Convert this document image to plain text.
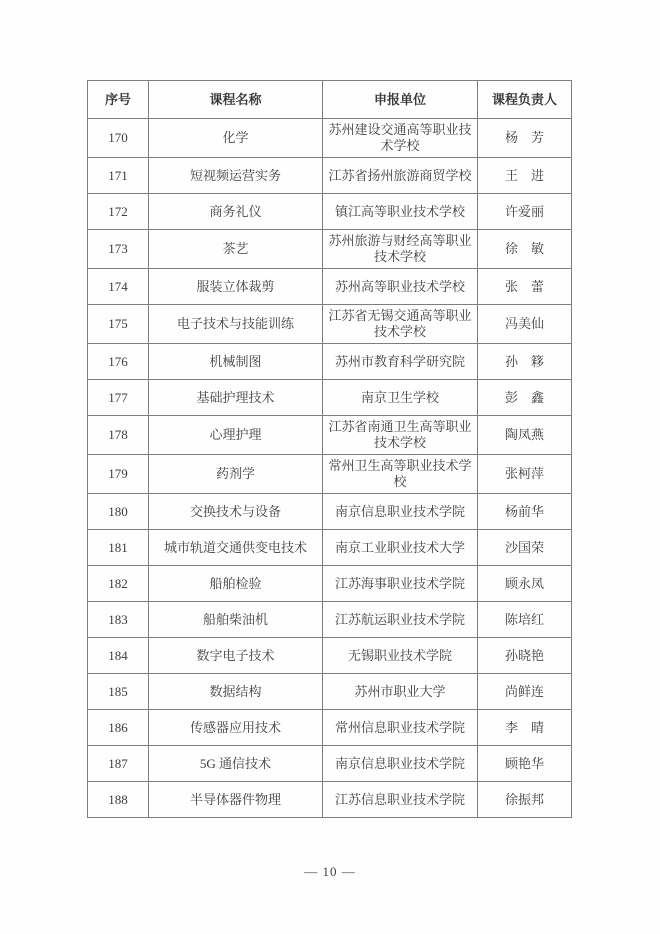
序号	课程名称	申报单位	课程负责人
170	化学	苏州建设交通高等职业技术学校	杨　芳
171	短视频运营实务	江苏省扬州旅游商贸学校	王　进
172	商务礼仪	镇江高等职业技术学校	许爱丽
173	茶艺	苏州旅游与财经高等职业技术学校	徐　敏
174	服装立体裁剪	苏州高等职业技术学校	张　蕾
175	电子技术与技能训练	江苏省无锡交通高等职业技术学校	冯美仙
176	机械制图	苏州市教育科学研究院	孙　簃
177	基础护理技术	南京卫生学校	彭　鑫
178	心理护理	江苏省南通卫生高等职业技术学校	陶凤燕
179	药剂学	常州卫生高等职业技术学校	张柯萍
180	交换技术与设备	南京信息职业技术学院	杨前华
181	城市轨道交通供变电技术	南京工业职业技术大学	沙国荣
182	船舶检验	江苏海事职业技术学院	顾永凤
183	船舶柴油机	江苏航运职业技术学院	陈培红
184	数字电子技术	无锡职业技术学院	孙晓艳
185	数据结构	苏州市职业大学	尚鲜连
186	传感器应用技术	常州信息职业技术学院	李　晴
187	5G 通信技术	南京信息职业技术学院	顾艳华
188	半导体器件物理	江苏信息职业技术学院	徐振邦
— 10 —
